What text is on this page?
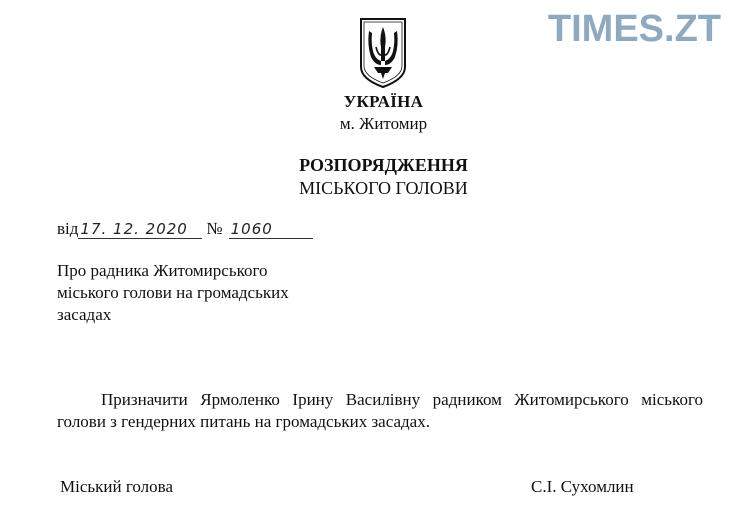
TIMES.ZT
УКРАЇНА
м. Житомир
РОЗПОРЯДЖЕННЯ
МІСЬКОГО ГОЛОВИ
від 17. 12. 2020 № 1060
Про радника Житомирського міського голови на громадських засадах
Призначити Ярмоленко Ірину Василівну радником Житомирського міського голови з гендерних питань на громадських засадах.
Міський голова	С.І. Сухомлин
